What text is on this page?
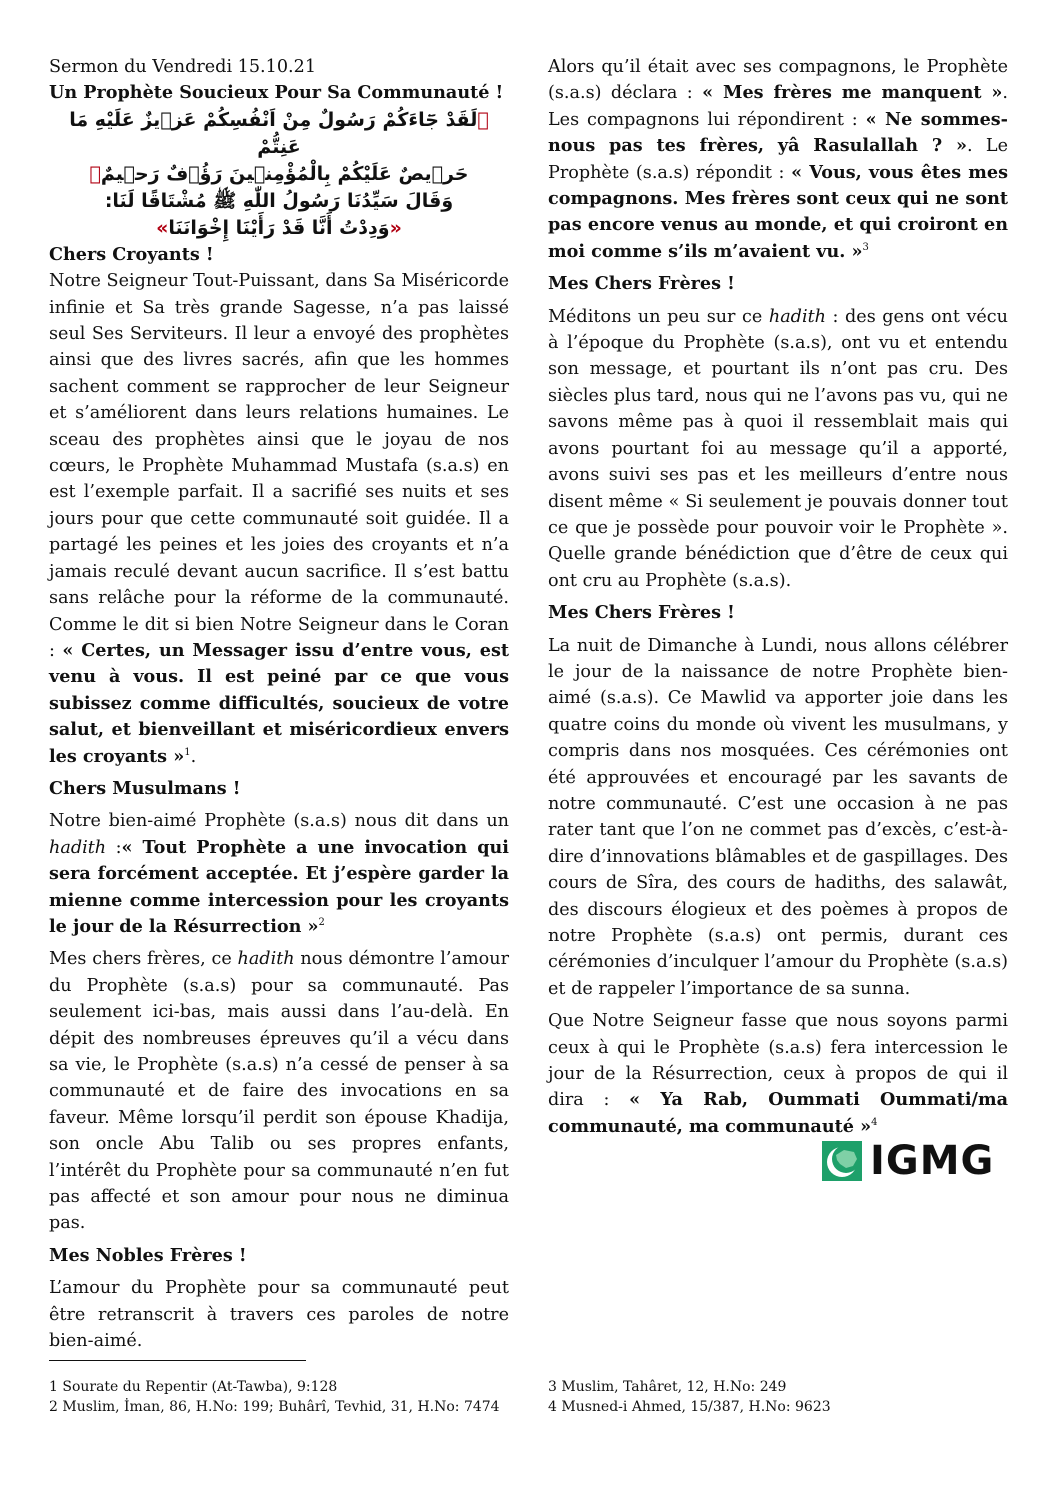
Sermon du Vendredi 15.10.21
Un Prophète Soucieux Pour Sa Communauté !
﴿لَقَدْ جَٓاءَكُمْ رَسُولٌ مِنْ اَنْفُسِكُمْ عَز۪يزٌ عَلَيْهِ مَا عَنِتُّمْ
حَر۪يصٌ عَلَيْكُمْ بِالْمُؤْمِن۪ينَ رَؤُ۫فٌ رَح۪يمٌ﴾
وَقَالَ سَيِّدُنَا رَسُولُ اللّٰهِ ﷺ مُشْتَاقًا لَنَا:
«وَدِدْتُ أَنَّا قَدْ رَأَيْنَا إِخْوَانَنَا»
Chers Croyants !

Notre Seigneur Tout-Puissant, dans Sa Miséricorde infinie et Sa très grande Sagesse, n’a pas laissé seul Ses Serviteurs. Il leur a envoyé des prophètes ainsi que des livres sacrés, afin que les hommes sachent comment se rapprocher de leur Seigneur et s’améliorent dans leurs relations humaines. Le sceau des prophètes ainsi que le joyau de nos cœurs, le Prophète Muhammad Mustafa (s.a.s) en est l’exemple parfait. Il a sacrifié ses nuits et ses jours pour que cette communauté soit guidée. Il a partagé les peines et les joies des croyants et n’a jamais reculé devant aucun sacrifice. Il s’est battu sans relâche pour la réforme de la communauté. Comme le dit si bien Notre Seigneur dans le Coran : « Certes, un Messager issu d’entre vous, est venu à vous. Il est peiné par ce que vous subissez comme difficultés, soucieux de votre salut, et bienveillant et miséricordieux envers les croyants »$^1$.

Chers Musulmans !

Notre bien-aimé Prophète (s.a.s) nous dit dans un hadith :« Tout Prophète a une invocation qui sera forcément acceptée. Et j’espère garder la mienne comme intercession pour les croyants le jour de la Résurrection »$^2$

Mes chers frères, ce hadith nous démontre l’amour du Prophète (s.a.s) pour sa communauté. Pas seulement ici-bas, mais aussi dans l’au-delà. En dépit des nombreuses épreuves qu’il a vécu dans sa vie, le Prophète (s.a.s) n’a cessé de penser à sa communauté et de faire des invocations en sa faveur. Même lorsqu’il perdit son épouse Khadija, son oncle Abu Talib ou ses propres enfants, l’intérêt du Prophète pour sa communauté n’en fut pas affecté et son amour pour nous ne diminua pas.

Mes Nobles Frères !

L’amour du Prophète pour sa communauté peut être retranscrit à travers ces paroles de notre bien-aimé.

Alors qu’il était avec ses compagnons, le Prophète (s.a.s) déclara : « Mes frères me manquent ». Les compagnons lui répondirent : « Ne sommes-nous pas tes frères, yâ Rasulallah ? ». Le Prophète (s.a.s) répondit : « Vous, vous êtes mes compagnons. Mes frères sont ceux qui ne sont pas encore venus au monde, et qui croiront en moi comme s’ils m’avaient vu. »$^3$

Mes Chers Frères !

Méditons un peu sur ce hadith : des gens ont vécu à l’époque du Prophète (s.a.s), ont vu et entendu son message, et pourtant ils n’ont pas cru. Des siècles plus tard, nous qui ne l’avons pas vu, qui ne savons même pas à quoi il ressemblait mais qui avons pourtant foi au message qu’il a apporté, avons suivi ses pas et les meilleurs d’entre nous disent même « Si seulement je pouvais donner tout ce que je possède pour pouvoir voir le Prophète ». Quelle grande bénédiction que d’être de ceux qui ont cru au Prophète (s.a.s).

Mes Chers Frères !

La nuit de Dimanche à Lundi, nous allons célébrer le jour de la naissance de notre Prophète bien-aimé (s.a.s). Ce Mawlid va apporter joie dans les quatre coins du monde où vivent les musulmans, y compris dans nos mosquées. Ces cérémonies ont été approuvées et encouragé par les savants de notre communauté. C’est une occasion à ne pas rater tant que l’on ne commet pas d’excès, c’est-à-dire d’innovations blâmables et de gaspillages. Des cours de Sîra, des cours de hadiths, des salawât, des discours élogieux et des poèmes à propos de notre Prophète (s.a.s) ont permis, durant ces cérémonies d’inculquer l’amour du Prophète (s.a.s) et de rappeler l’importance de sa sunna.

Que Notre Seigneur fasse que nous soyons parmi ceux à qui le Prophète (s.a.s) fera intercession le jour de la Résurrection, ceux à propos de qui il dira : « Ya Rab, Oummati Oummati/ma communauté, ma communauté »$^4$

IGMG
1 Sourate du Repentir (At-Tawba), 9:128
2 Muslim, İman, 86, H.No: 199; Buhârî, Tevhid, 31, H.No: 7474
3 Muslim, Tahâret, 12, H.No: 249
4 Musned-i Ahmed, 15/387, H.No: 9623
